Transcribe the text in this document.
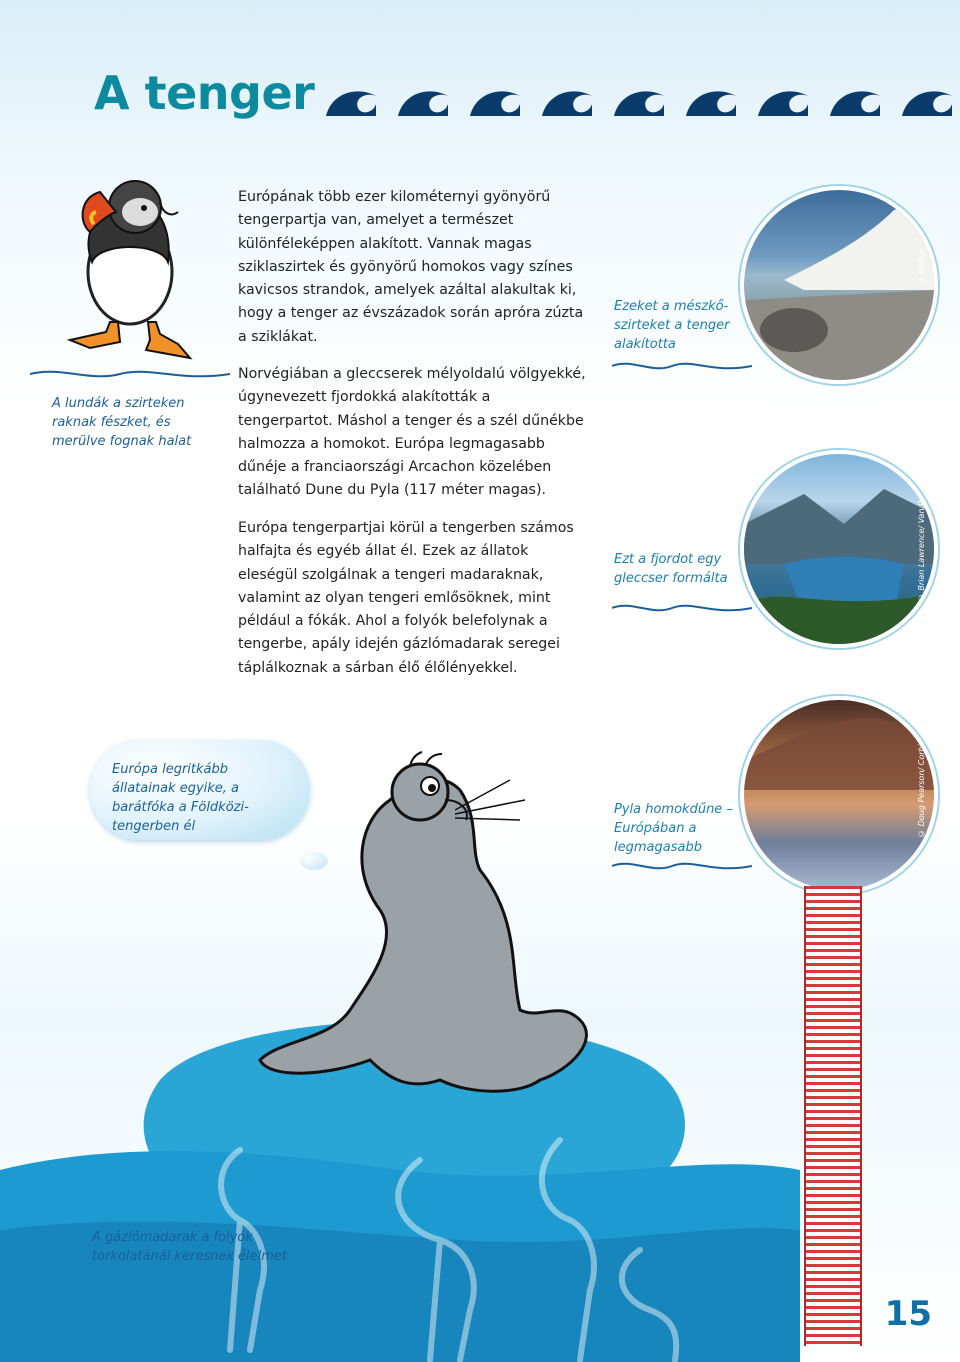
A tenger
A lundák a szirteken raknak fészket, és merülve fognak halat
Európának több ezer kilométernyi gyönyörű tengerpartja van, amelyet a természet különféleképpen alakított. Vannak magas sziklaszirtek és gyönyörű homokos vagy színes kavicsos strandok, amelyek azáltal alakultak ki, hogy a tenger az évszázadok során apróra zúzta a sziklákat.
Norvégiában a gleccserek mélyoldalú völgyekké, úgynevezett fjordokká alakították a tengerpartot. Máshol a tenger és a szél dűnékbe halmozza a homokot. Európa legmagasabb dűnéje a franciaországi Arcachon közelében található Dune du Pyla (117 méter magas).
Európa tengerpartjai körül a tengerben számos halfajta és egyéb állat él. Ezek az állatok eleségül szolgálnak a tengeri madaraknak, valamint az olyan tengeri emlősöknek, mint például a fókák. Ahol a folyók belefolynak a tengerbe, apály idején gázlómadarak seregei táplálkoznak a sárban élő élőlényekkel.
© Röttig
Ezeket a mészkő-szirteket a tenger alakította
© Brian Lawrence/ Van Parys
Ezt a fjordot egy gleccser formálta
© Doug Pearson/ Corbis
Pyla homokdűne – Európában a legmagasabb
Európa legritkább állatainak egyike, a barátfóka a Földközi-tengerben él
A gázlómadarak a folyók torkolatánál keresnek élelmet
15
